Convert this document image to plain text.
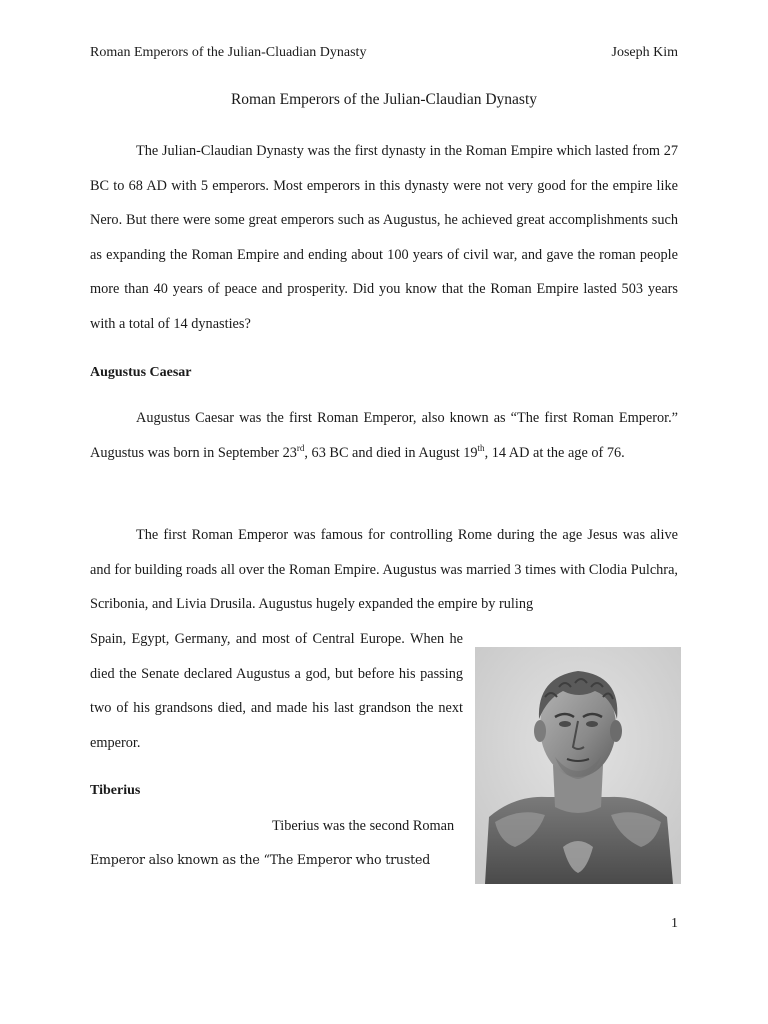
Roman Emperors of the Julian-Cluadian Dynasty	Joseph Kim
Roman Emperors of the Julian-Claudian Dynasty

The Julian-Claudian Dynasty was the first dynasty in the Roman Empire which lasted from 27 BC to 68 AD with 5 emperors. Most emperors in this dynasty were not very good for the empire like Nero. But there were some great emperors such as Augustus, he achieved great accomplishments such as expanding the Roman Empire and ending about 100 years of civil war, and gave the roman people more than 40 years of peace and prosperity. Did you know that the Roman Empire lasted 503 years with a total of 14 dynasties?

Augustus Caesar

Augustus Caesar was the first Roman Emperor, also known as “The first Roman Emperor.” Augustus was born in September 23rd, 63 BC and died in August 19th, 14 AD at the age of 76.

The first Roman Emperor was famous for controlling Rome during the age Jesus was alive and for building roads all over the Roman Empire. Augustus was married 3 times with Clodia Pulchra, Scribonia, and Livia Drusila. Augustus hugely expanded the empire by ruling

Spain, Egypt, Germany, and most of Central Europe. When he died the Senate declared Augustus a god, but before his passing two of his grandsons died, and made his last grandson the next emperor.

Tiberius
Tiberius was the second Roman
Emperor also known as the “The Emperor who trusted
1
